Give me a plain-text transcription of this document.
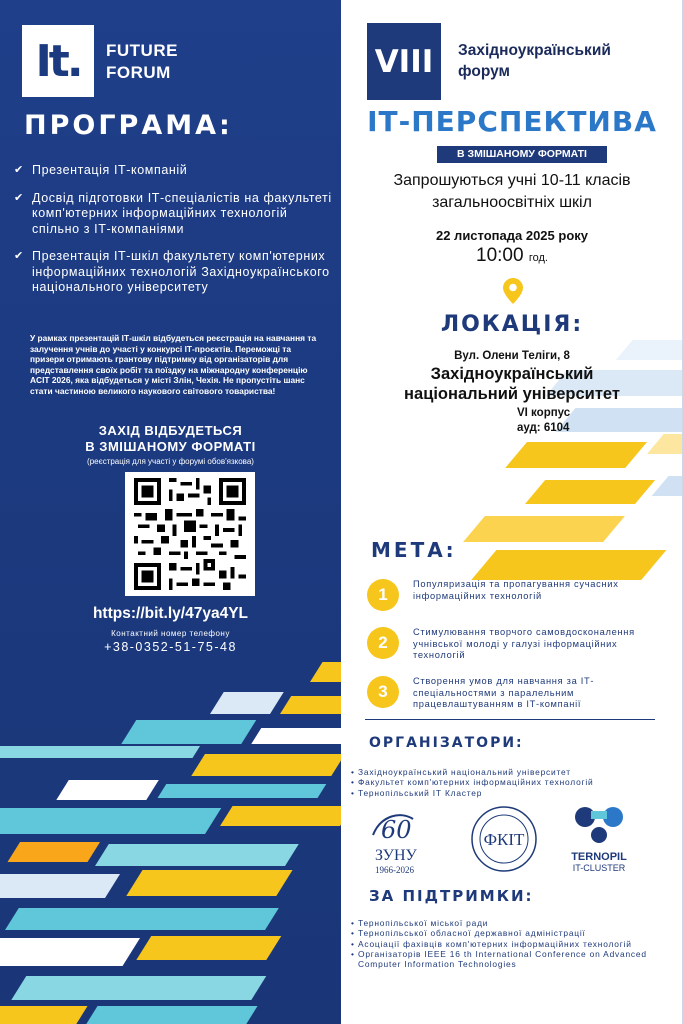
It. FUTURE
FORUM
ПРОГРАМА:
✔ Презентація ІТ-компаній
✔ Досвід підготовки ІТ-спеціалістів на факультеті комп'ютерних інформаційних технологій спільно з ІТ-компаніями
✔ Презентація ІТ-шкіл факультету комп'ютерних інформаційних технологій Західноукраїнського національного університету
У рамках презентацій ІТ-шкіл відбудеться реєстрація на навчання та залучення учнів до участі у конкурсі ІТ-проєктів. Переможці та призери отримають грантову підтримку від організаторів для представлення своїх робіт та поїздку на міжнародну конференцію ACIT 2026, яка відбудеться у місті Злін, Чехія. Не пропустіть шанс стати частиною великого наукового світового товариства!
ЗАХІД ВІДБУДЕТЬСЯ
В ЗМІШАНОМУ ФОРМАТІ
(реєстрація для участі у форумі обов'язкова)
https://bit.ly/47ya4YL
Контактний номер телефону
+38-0352-51-75-48
VIII	Західноукраїнський
форум
ІТ-ПЕРСПЕКТИВА
В ЗМІШАНОМУ ФОРМАТІ
Запрошуються учні 10-11 класів
загальноосвітніх шкіл
22 листопада 2025 року
10:00 год.
ЛОКАЦІЯ:
Вул. Олени Теліги, 8
Західноукраїнський
національний університет
VI корпус
ауд: 6104
МЕТА:
1
Популяризація та пропагування сучасних інформаційних технологій
2
Стимулювання творчого самовдосконалення учнівської молоді у галузі інформаційних технологій
3
Створення умов для навчання за ІТ-спеціальностями з паралельним працевлаштуванням в ІТ-компанії
ОРГАНІЗАТОРИ:
• Західноукраїнський національний університет
• Факультет комп'ютерних інформаційних технологій
• Тернопільський ІТ Кластер
60
ЗУНУ
1966-2026
ФКІТ
TERNOPIL
IT-CLUSTER
ЗА ПІДТРИМКИ:
• Тернопільської міської ради
• Тернопільської обласної державної адміністрації
• Асоціації фахівців комп'ютерних інформаційних технологій
• Організаторів IEEE 16 th International Conference on Advanced Computer Information Technologies
